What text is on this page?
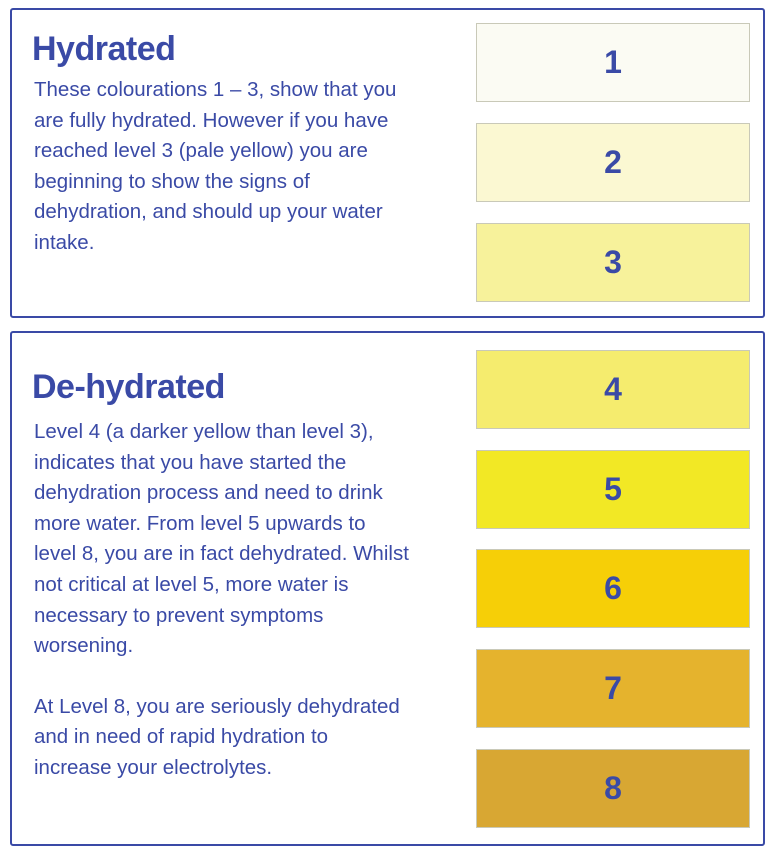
Hydrated

These colourations 1 – 3, show that you
are fully hydrated. However if you have
reached level 3 (pale yellow) you are
beginning to show the signs of
dehydration, and should up your water
intake.

1
2
3
De-hydrated

Level 4 (a darker yellow than level 3),
indicates that you have started the
dehydration process and need to drink
more water. From level 5 upwards to
level 8, you are in fact dehydrated. Whilst
not critical at level 5, more water is
necessary to prevent symptoms
worsening.

At Level 8, you are seriously dehydrated
and in need of rapid hydration to
increase your electrolytes.

4
5
6
7
8
